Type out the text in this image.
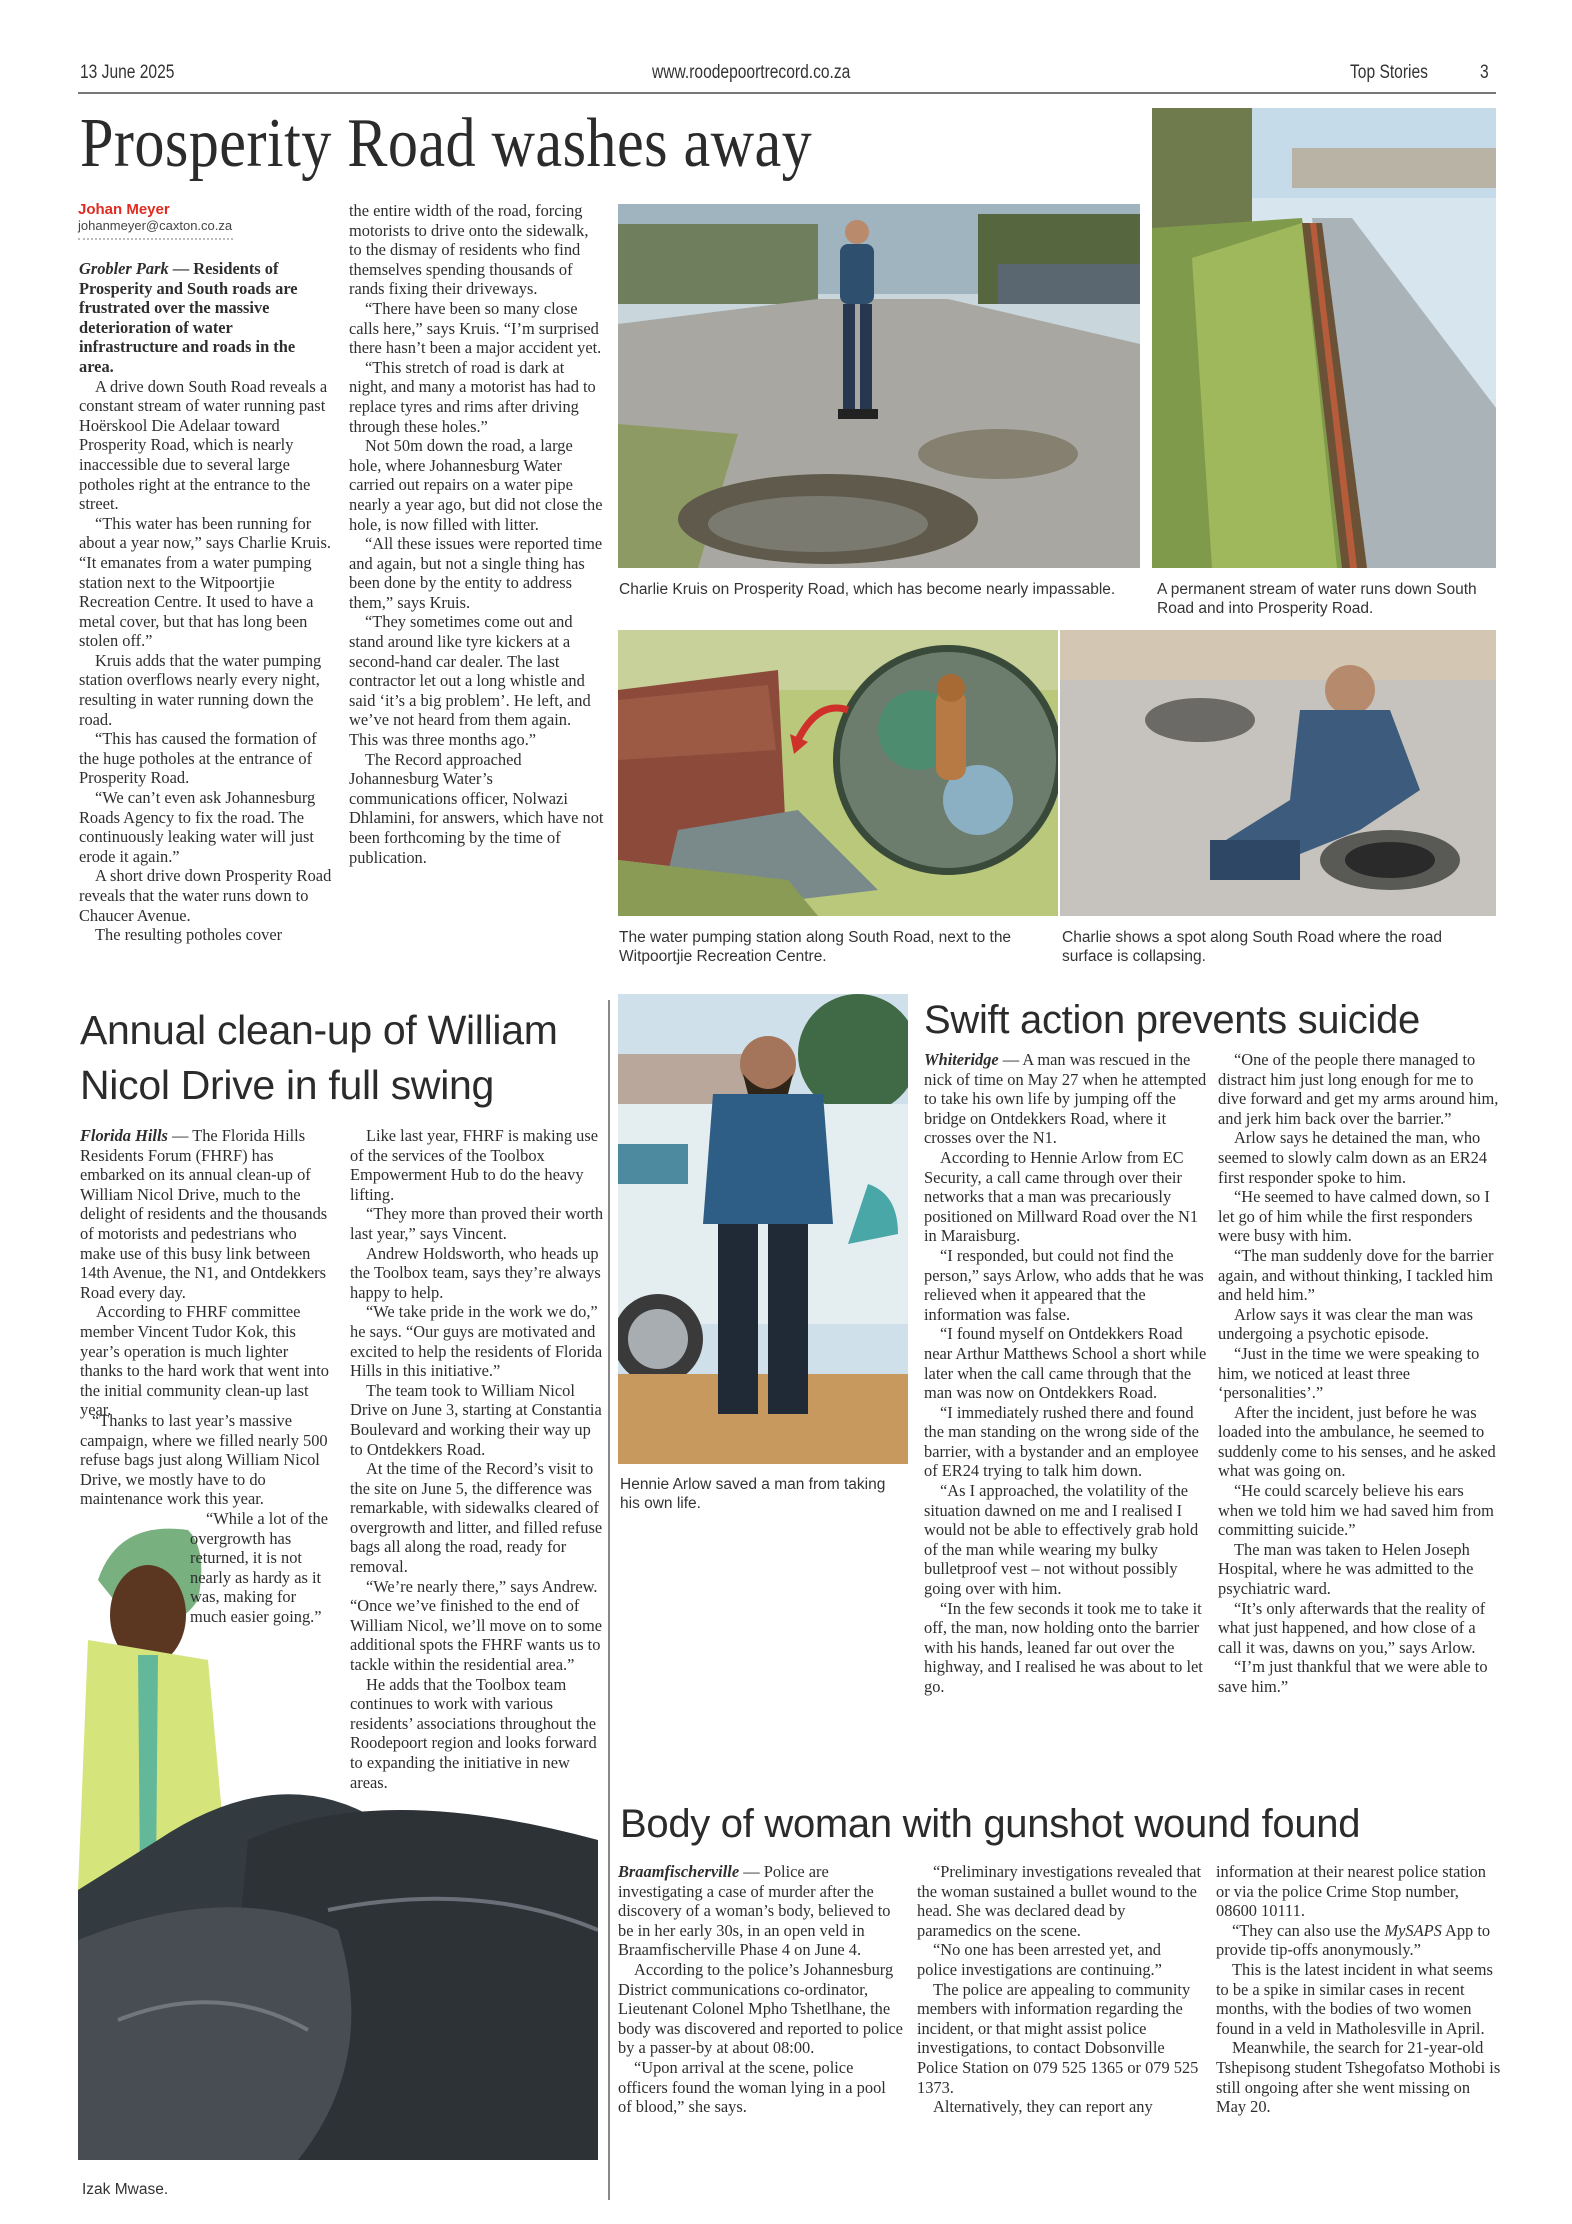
13 June 2025	www.roodepoortrecord.co.za	Top Stories	3
Prosperity Road washes away
Johan Meyer
johanmeyer@caxton.co.za

Grobler Park — Residents of Prosperity and South roads are frustrated over the massive deterioration of water infrastructure and roads in the area.

A drive down South Road reveals a constant stream of water running past Hoërskool Die Adelaar toward Prosperity Road, which is nearly inaccessible due to several large potholes right at the entrance to the street.

“This water has been running for about a year now,” says Charlie Kruis. “It emanates from a water pumping station next to the Witpoortjie Recreation Centre. It used to have a metal cover, but that has long been stolen off.”

Kruis adds that the water pumping station overflows nearly every night, resulting in water running down the road.

“This has caused the formation of the huge potholes at the entrance of Prosperity Road.

“We can’t even ask Johannesburg Roads Agency to fix the road. The continuously leaking water will just erode it again.”

A short drive down Prosperity Road reveals that the water runs down to Chaucer Avenue.

The resulting potholes cover

the entire width of the road, forcing motorists to drive onto the sidewalk, to the dismay of residents who find themselves spending thousands of rands fixing their driveways.

“There have been so many close calls here,” says Kruis. “I’m surprised there hasn’t been a major accident yet.

“This stretch of road is dark at night, and many a motorist has had to replace tyres and rims after driving through these holes.”

Not 50m down the road, a large hole, where Johannesburg Water carried out repairs on a water pipe nearly a year ago, but did not close the hole, is now filled with litter.

“All these issues were reported time and again, but not a single thing has been done by the entity to address them,” says Kruis.

“They sometimes come out and stand around like tyre kickers at a second-hand car dealer. The last contractor let out a long whistle and said ‘it’s a big problem’. He left, and we’ve not heard from them again. This was three months ago.”

The Record approached Johannesburg Water’s communications officer, Nolwazi Dhlamini, for answers, which have not been forthcoming by the time of publication.

Charlie Kruis on Prosperity Road, which has become nearly impassable.	A permanent stream of water runs down South Road and into Prosperity Road.
The water pumping station along South Road, next to the Witpoortjie Recreation Centre.
Charlie shows a spot along South Road where the road surface is collapsing.
Annual clean-up of William Nicol Drive in full swing

Florida Hills — The Florida Hills Residents Forum (FHRF) has embarked on its annual clean-up of William Nicol Drive, much to the delight of residents and the thousands of motorists and pedestrians who make use of this busy link between 14th Avenue, the N1, and Ontdekkers Road every day.

According to FHRF committee member Vincent Tudor Kok, this year’s operation is much lighter thanks to the hard work that went into the initial community clean-up last year.

“Thanks to last year’s massive campaign, where we filled nearly 500 refuse bags just along William Nicol Drive, we mostly have to do maintenance work this year.

“While a lot of the overgrowth has returned, it is not nearly as hardy as it was, making for much easier going.”

Like last year, FHRF is making use of the services of the Toolbox Empowerment Hub to do the heavy lifting.

“They more than proved their worth last year,” says Vincent.

Andrew Holdsworth, who heads up the Toolbox team, says they’re always happy to help.

“We take pride in the work we do,” he says. “Our guys are motivated and excited to help the residents of Florida Hills in this initiative.”

The team took to William Nicol Drive on June 3, starting at Constantia Boulevard and working their way up to Ontdekkers Road.

At the time of the Record’s visit to the site on June 5, the difference was remarkable, with sidewalks cleared of overgrowth and litter, and filled refuse bags all along the road, ready for removal.

“We’re nearly there,” says Andrew. “Once we’ve finished to the end of William Nicol, we’ll move on to some additional spots the FHRF wants us to tackle within the residential area.”

He adds that the Toolbox team continues to work with various residents’ associations throughout the Roodepoort region and looks forward to expanding the initiative in new areas.

Izak Mwase.
Hennie Arlow saved a man from taking his own life.
Swift action prevents suicide

Whiteridge — A man was rescued in the nick of time on May 27 when he attempted to take his own life by jumping off the bridge on Ontdekkers Road, where it crosses over the N1.

According to Hennie Arlow from EC Security, a call came through over their networks that a man was precariously positioned on Millward Road over the N1 in Maraisburg.

“I responded, but could not find the person,” says Arlow, who adds that he was relieved when it appeared that the information was false.

“I found myself on Ontdekkers Road near Arthur Matthews School a short while later when the call came through that the man was now on Ontdekkers Road.

“I immediately rushed there and found the man standing on the wrong side of the barrier, with a bystander and an employee of ER24 trying to talk him down.

“As I approached, the volatility of the situation dawned on me and I realised I would not be able to effectively grab hold of the man while wearing my bulky bulletproof vest – not without possibly going over with him.

“In the few seconds it took me to take it off, the man, now holding onto the barrier with his hands, leaned far out over the highway, and I realised he was about to let go.

“One of the people there managed to distract him just long enough for me to dive forward and get my arms around him, and jerk him back over the barrier.”

Arlow says he detained the man, who seemed to slowly calm down as an ER24 first responder spoke to him.

“He seemed to have calmed down, so I let go of him while the first responders were busy with him.

“The man suddenly dove for the barrier again, and without thinking, I tackled him and held him.”

Arlow says it was clear the man was undergoing a psychotic episode.

“Just in the time we were speaking to him, we noticed at least three ‘personalities’.”

After the incident, just before he was loaded into the ambulance, he seemed to suddenly come to his senses, and he asked what was going on.

“He could scarcely believe his ears when we told him we had saved him from committing suicide.”

The man was taken to Helen Joseph Hospital, where he was admitted to the psychiatric ward.

“It’s only afterwards that the reality of what just happened, and how close of a call it was, dawns on you,” says Arlow.

“I’m just thankful that we were able to save him.”

Body of woman with gunshot wound found

Braamfischerville — Police are investigating a case of murder after the discovery of a woman’s body, believed to be in her early 30s, in an open veld in Braamfischerville Phase 4 on June 4.

According to the police’s Johannesburg District communications co-ordinator, Lieutenant Colonel Mpho Tshetlhane, the body was discovered and reported to police by a passer-by at about 08:00.

“Upon arrival at the scene, police officers found the woman lying in a pool of blood,” she says.

“Preliminary investigations revealed that the woman sustained a bullet wound to the head. She was declared dead by paramedics on the scene.

“No one has been arrested yet, and police investigations are continuing.”

The police are appealing to community members with information regarding the incident, or that might assist police investigations, to contact Dobsonville Police Station on 079 525 1365 or 079 525 1373.

Alternatively, they can report any

information at their nearest police station or via the police Crime Stop number, 08600 10111.

“They can also use the MySAPS App to provide tip-offs anonymously.”

This is the latest incident in what seems to be a spike in similar cases in recent months, with the bodies of two women found in a veld in Matholesville in April.

Meanwhile, the search for 21-year-old Tshepisong student Tshegofatso Mothobi is still ongoing after she went missing on May 20.
